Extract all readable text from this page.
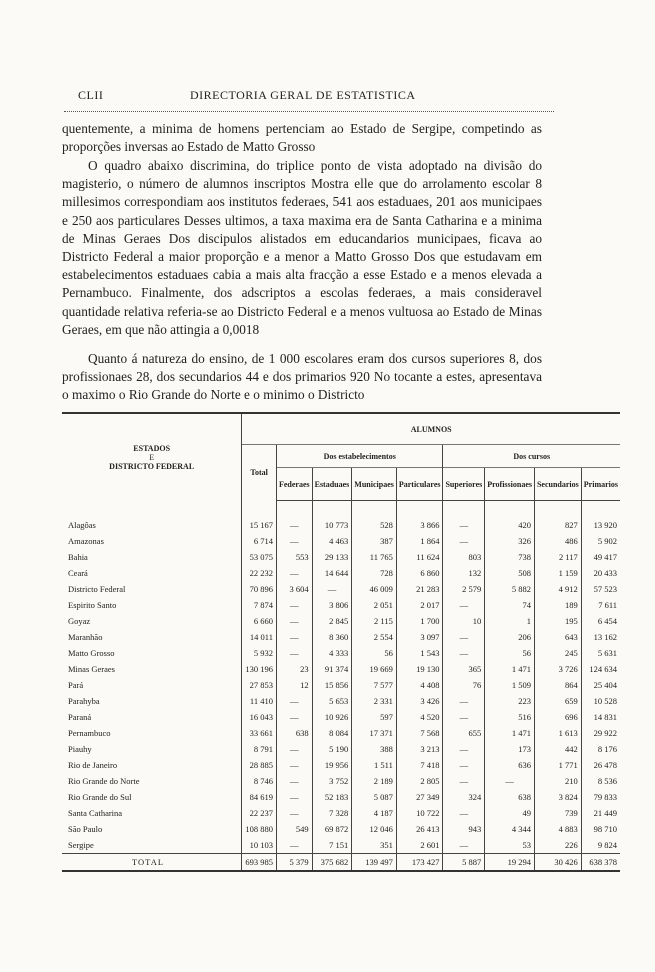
CLII	DIRECTORIA GERAL DE ESTATISTICA
quentemente, a minima de homens pertenciam ao Estado de Sergipe, competindo as proporções inversas ao Estado de Matto Grosso
O quadro abaixo discrimina, do triplice ponto de vista adoptado na divisão do magisterio, o número de alumnos inscriptos Mostra elle que do arrolamento escolar 8 millesimos correspondiam aos institutos federaes, 541 aos estaduaes, 201 aos municipaes e 250 aos particulares Desses ultimos, a taxa maxima era de Santa Catharina e a minima de Minas Geraes Dos discipulos alistados em educandarios municipaes, ficava ao Districto Federal a maior proporção e a menor a Matto Grosso Dos que estudavam em estabelecimentos estaduaes cabia a mais alta fracção a esse Estado e a menos elevada a Pernambuco. Finalmente, dos adscriptos a escolas federaes, a mais consideravel quantidade relativa referia-se ao Districto Federal e a menos vultuosa ao Estado de Minas Geraes, em que não attingia a 0,0018
Quanto á natureza do ensino, de 1 000 escolares eram dos cursos superiores 8, dos profissionaes 28, dos secundarios 44 e dos primarios 920 No tocante a estes, apresentava o maximo o Rio Grande do Norte e o minimo o Districto
ESTADOS
E
DISTRICTO FEDERAL	ALUMNOS								
	Total	Dos estabelecimentos				Dos cursos			
		Federaes	Estaduaes	Municipaes	Particulares	Superiores	Profissionaes	Secundarios	Primarios

Alagôas	15 167	—	10 773	528	3 866	—	420	827	13 920
Amazonas	6 714	—	4 463	387	1 864	—	326	486	5 902
Bahia	53 075	553	29 133	11 765	11 624	803	738	2 117	49 417
Ceará	22 232	—	14 644	728	6 860	132	508	1 159	20 433
Districto Federal	70 896	3 604	—	46 009	21 283	2 579	5 882	4 912	57 523
Espirito Santo	7 874	—	3 806	2 051	2 017	—	74	189	7 611
Goyaz	6 660	—	2 845	2 115	1 700	10	1	195	6 454
Maranhão	14 011	—	8 360	2 554	3 097	—	206	643	13 162
Matto Grosso	5 932	—	4 333	56	1 543	—	56	245	5 631
Minas Geraes	130 196	23	91 374	19 669	19 130	365	1 471	3 726	124 634
Pará	27 853	12	15 856	7 577	4 408	76	1 509	864	25 404
Parahyba	11 410	—	5 653	2 331	3 426	—	223	659	10 528
Paraná	16 043	—	10 926	597	4 520	—	516	696	14 831
Pernambuco	33 661	638	8 084	17 371	7 568	655	1 471	1 613	29 922
Piauhy	8 791	—	5 190	388	3 213	—	173	442	8 176
Rio de Janeiro	28 885	—	19 956	1 511	7 418	—	636	1 771	26 478
Rio Grande do Norte	8 746	—	3 752	2 189	2 805	—	—	210	8 536
Rio Grande do Sul	84 619	—	52 183	5 087	27 349	324	638	3 824	79 833
Santa Catharina	22 237	—	7 328	4 187	10 722	—	49	739	21 449
São Paulo	108 880	549	69 872	12 046	26 413	943	4 344	4 883	98 710
Sergipe	10 103	—	7 151	351	2 601	—	53	226	9 824
TOTAL	693 985	5 379	375 682	139 497	173 427	5 887	19 294	30 426	638 378
